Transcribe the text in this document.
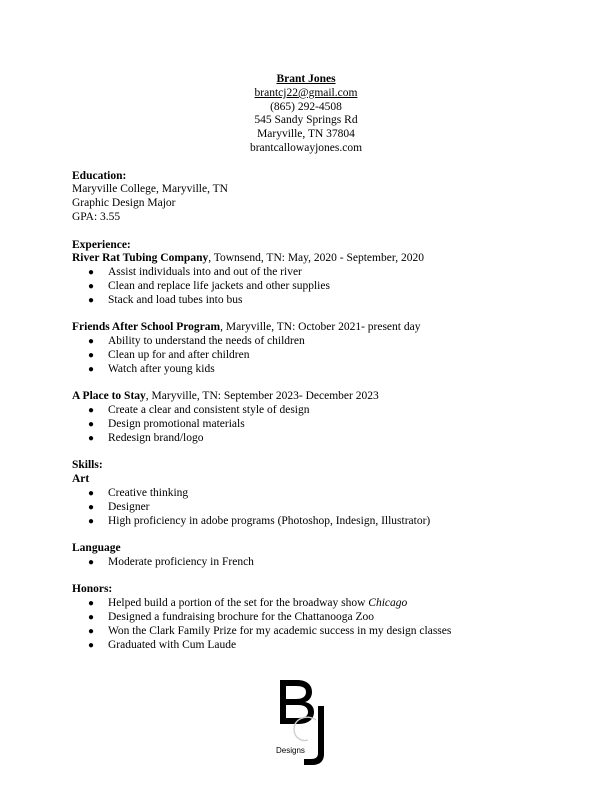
Brant Jones
brantcj22@gmail.com
(865) 292-4508
545 Sandy Springs Rd
Maryville, TN 37804
brantcallowayjones.com
Education:
Maryville College, Maryville, TN
Graphic Design Major
GPA: 3.55
Experience:
River Rat Tubing Company, Townsend, TN: May, 2020 - September, 2020
● Assist individuals into and out of the river
● Clean and replace life jackets and other supplies
● Stack and load tubes into bus
Friends After School Program, Maryville, TN: October 2021- present day
● Ability to understand the needs of children
● Clean up for and after children
● Watch after young kids
A Place to Stay, Maryville, TN: September 2023- December 2023
● Create a clear and consistent style of design
● Design promotional materials
● Redesign brand/logo
Skills:
Art
● Creative thinking
● Designer
● High proficiency in adobe programs (Photoshop, Indesign, Illustrator)
Language
● Moderate proficiency in French
Honors:
● Helped build a portion of the set for the broadway show Chicago
● Designed a fundraising brochure for the Chattanooga Zoo
● Won the Clark Family Prize for my academic success in my design classes
● Graduated with Cum Laude
Designs
